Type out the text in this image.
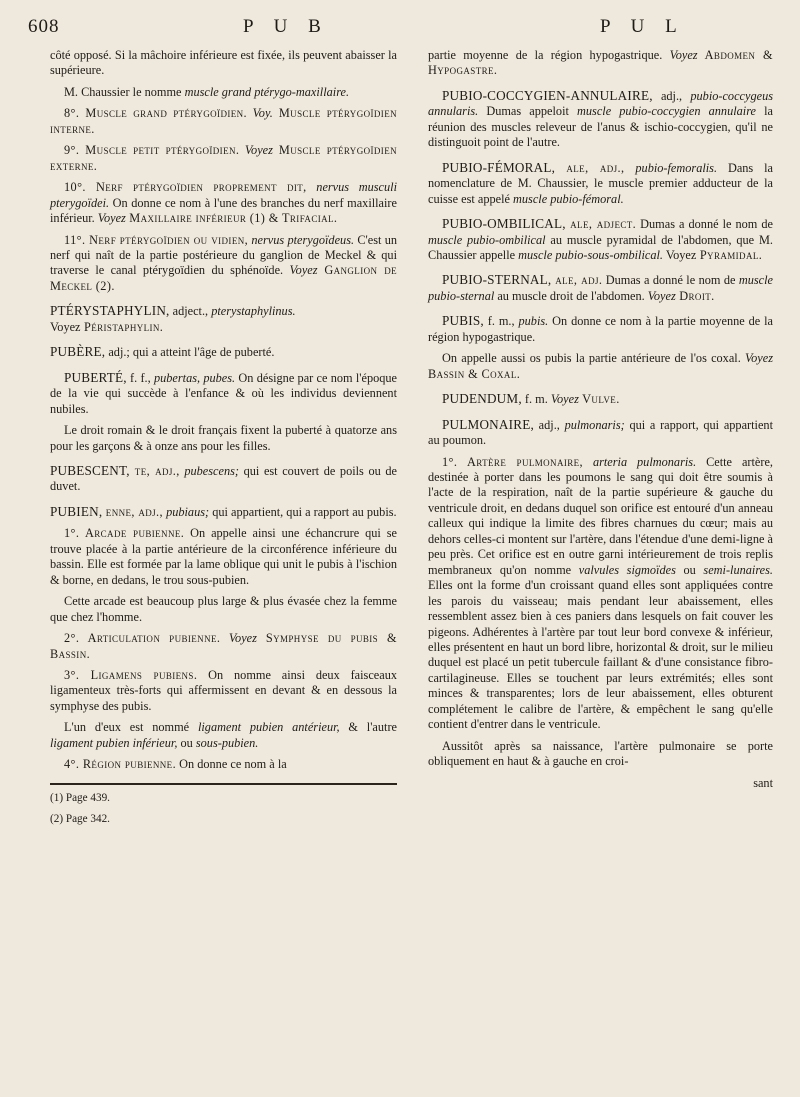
608	P U B	P U L

côté opposé. Si la mâchoire inférieure est fixée, ils peuvent abaisser la supérieure.

M. Chaussier le nomme muscle grand ptérygo-maxillaire.

8°. Muscle grand ptérygoïdien. Voy. Muscle ptérygoïdien interne.

9°. Muscle petit ptérygoïdien. Voyez Muscle ptérygoïdien externe.

10°. Nerf ptérygoïdien proprement dit, nervus musculi pterygoïdei. On donne ce nom à l'une des branches du nerf maxillaire inférieur. Voyez Maxillaire inférieur (1) & Trifacial.

11°. Nerf ptérygoïdien ou vidien, nervus pterygoïdeus. C'est un nerf qui naît de la partie postérieure du ganglion de Meckel & qui traverse le canal ptérygoïdien du sphénoïde. Voyez Ganglion de Meckel (2).

PTÉRYSTAPHYLIN, adject., pterystaphylinus.
Voyez Péristaphylin.

PUBÈRE, adj.; qui a atteint l'âge de puberté.

PUBERTÉ, f. f., pubertas, pubes. On désigne par ce nom l'époque de la vie qui succède à l'enfance & où les individus deviennent nubiles.

Le droit romain & le droit français fixent la puberté à quatorze ans pour les garçons & à onze ans pour les filles.

PUBESCENT, te, adj., pubescens; qui est couvert de poils ou de duvet.

PUBIEN, enne, adj., pubiaus; qui appartient, qui a rapport au pubis.

1°. Arcade pubienne. On appelle ainsi une échancrure qui se trouve placée à la partie antérieure de la circonférence inférieure du bassin. Elle est formée par la lame oblique qui unit le pubis à l'ischion & borne, en dedans, le trou sous-pubien.

Cette arcade est beaucoup plus large & plus évasée chez la femme que chez l'homme.

2°. Articulation pubienne. Voyez Symphyse du pubis & Bassin.

3°. Ligamens pubiens. On nomme ainsi deux faisceaux ligamenteux très-forts qui affermissent en devant & en dessous la symphyse des pubis.

L'un d'eux est nommé ligament pubien antérieur, & l'autre ligament pubien inférieur, ou sous-pubien.

4°. Région pubienne. On donne ce nom à la

(1) Page 439.

(2) Page 342.

partie moyenne de la région hypogastrique. Voyez Abdomen & Hypogastre.

PUBIO-COCCYGIEN-ANNULAIRE, adj., pubio-coccygeus annularis. Dumas appeloit muscle pubio-coccygien annulaire la réunion des muscles releveur de l'anus & ischio-coccygien, qu'il ne distinguoit point de l'autre.

PUBIO-FÉMORAL, ale, adj., pubio-femoralis. Dans la nomenclature de M. Chaussier, le muscle premier adducteur de la cuisse est appelé muscle pubio-fémoral.

PUBIO-OMBILICAL, ale, adject. Dumas a donné le nom de muscle pubio-ombilical au muscle pyramidal de l'abdomen, que M. Chaussier appelle muscle pubio-sous-ombilical. Voyez Pyramidal.

PUBIO-STERNAL, ale, adj. Dumas a donné le nom de muscle pubio-sternal au muscle droit de l'abdomen. Voyez Droit.

PUBIS, f. m., pubis. On donne ce nom à la partie moyenne de la région hypogastrique.

On appelle aussi os pubis la partie antérieure de l'os coxal. Voyez Bassin & Coxal.

PUDENDUM, f. m. Voyez Vulve.

PULMONAIRE, adj., pulmonaris; qui a rapport, qui appartient au poumon.

1°. Artère pulmonaire, arteria pulmonaris. Cette artère, destinée à porter dans les poumons le sang qui doit être soumis à l'acte de la respiration, naît de la partie supérieure & gauche du ventricule droit, en dedans duquel son orifice est entouré d'un anneau calleux qui indique la limite des fibres charnues du cœur; mais au dehors celles-ci montent sur l'artère, dans l'étendue d'une demi-ligne à peu près. Cet orifice est en outre garni intérieurement de trois replis membraneux qu'on nomme valvules sigmoïdes ou semi-lunaires. Elles ont la forme d'un croissant quand elles sont appliquées contre les parois du vaisseau; mais pendant leur abaissement, elles ressemblent assez bien à ces paniers dans lesquels on fait couver les pigeons. Adhérentes à l'artère par tout leur bord convexe & inférieur, elles présentent en haut un bord libre, horizontal & droit, sur le milieu duquel est placé un petit tubercule faillant & d'une consistance fibro-cartilagineuse. Elles se touchent par leurs extrémités; elles sont minces & transparentes; lors de leur abaissement, elles obturent complétement le calibre de l'artère, & empêchent le sang qu'elle contient d'entrer dans le ventricule.

Aussitôt après sa naissance, l'artère pulmonaire se porte obliquement en haut & à gauche en croi-

sant
